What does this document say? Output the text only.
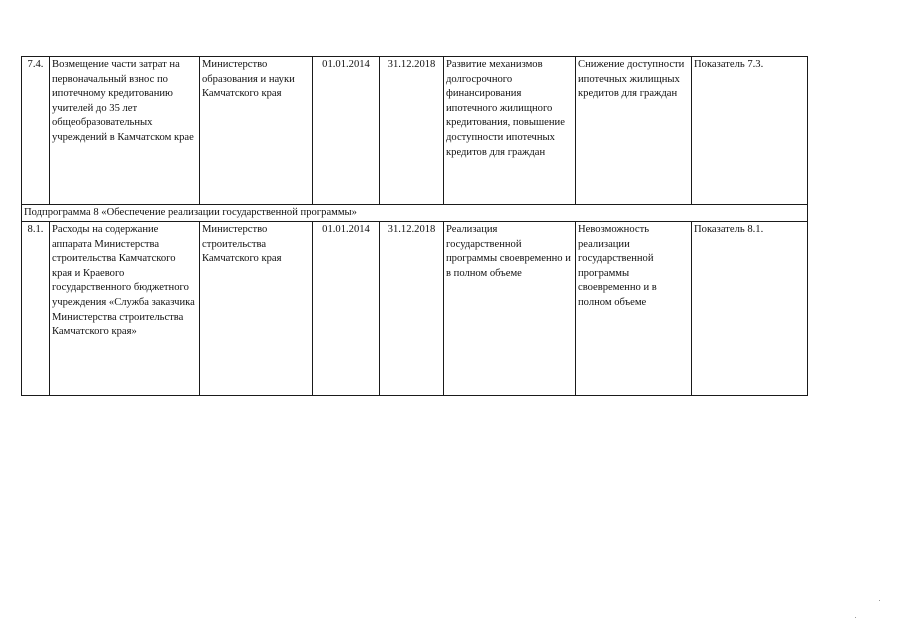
7.4.	Возмещение части затрат на первоначальный взнос по ипотечному кредитованию учителей до 35 лет общеобразовательных учреждений в Камчатском крае	Министерство образования и науки Камчатского края	01.01.2014	31.12.2018	Развитие механизмов долгосрочного финансирования ипотечного жилищного кредитования, повышение доступности ипотечных кредитов для граждан	Снижение доступности ипотечных жилищных кредитов для граждан	Показатель 7.3.
Подпрограмма 8 «Обеспечение реализации государственной программы»							
8.1.	Расходы на содержание аппарата Министерства строительства Камчатского края и Краевого государственного бюджетного учреждения «Служба заказчика Министерства строительства Камчатского края»	Министерство строительства Камчатского края	01.01.2014	31.12.2018	Реализация государственной программы своевременно и в полном объеме	Невозможность реализации государственной программы своевременно и в полном объеме	Показатель 8.1.
